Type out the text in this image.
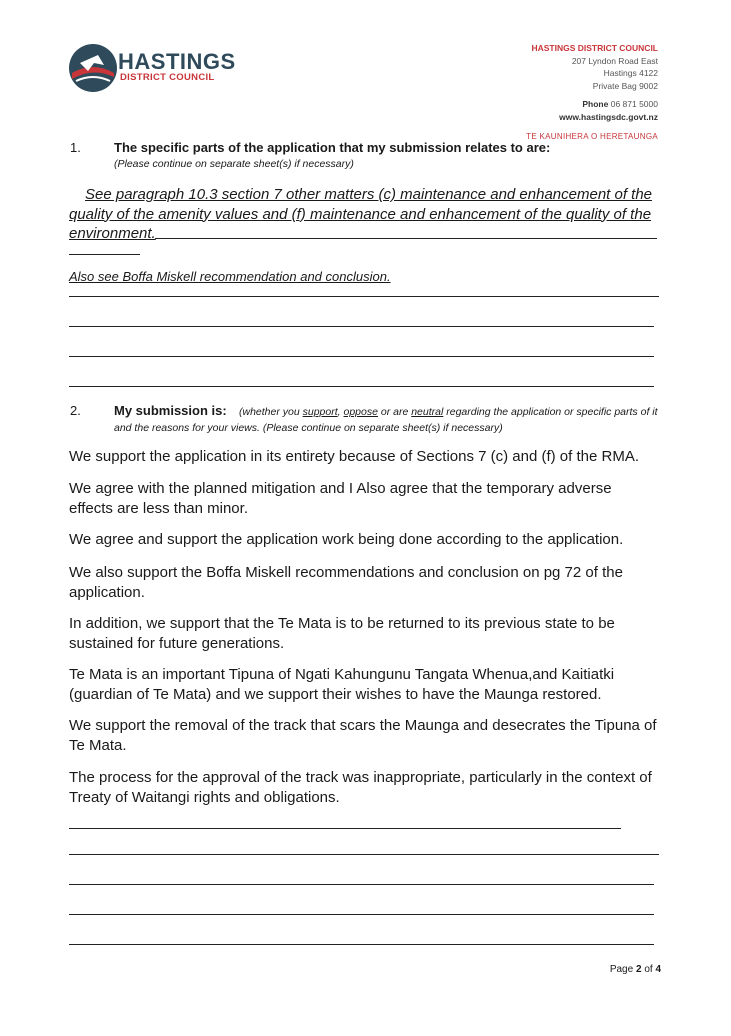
HASTINGS
DISTRICT COUNCIL
HASTINGS DISTRICT COUNCIL
207 Lyndon Road East
Hastings 4122
Private Bag 9002
Phone 06 871 5000
www.hastingsdc.govt.nz
TE KAUNIHERA O HERETAUNGA
1.	The specific parts of the application that my submission relates to are:
(Please continue on separate sheet(s) if necessary)
See paragraph 10.3 section 7 other matters (c) maintenance and enhancement of the quality of the amenity values and (f) maintenance and enhancement of the quality of the environment.
Also see Boffa Miskell recommendation and conclusion.
2.	My submission is:	(whether you support, oppose or are neutral regarding the application or specific parts of it and the reasons for your views. (Please continue on separate sheet(s) if necessary)
We support the application in its entirety because of Sections 7 (c) and (f) of the RMA.
We agree with the planned mitigation and I Also agree that the temporary adverse effects are less than minor.
We agree and support the application work being done according to the application.
We also support the Boffa Miskell recommendations and conclusion on pg 72 of the application.
In addition, we support that the Te Mata is to be returned to its previous state to be sustained for future generations.
Te Mata is an important Tipuna of Ngati Kahungunu Tangata Whenua,and Kaitiatki (guardian of Te Mata) and we support their wishes to have the Maunga restored.
We support the removal of the track that scars the Maunga and desecrates the Tipuna of Te Mata.
The process for the approval of the track was inappropriate, particularly in the context of Treaty of Waitangi rights and obligations.
Page 2 of 4
